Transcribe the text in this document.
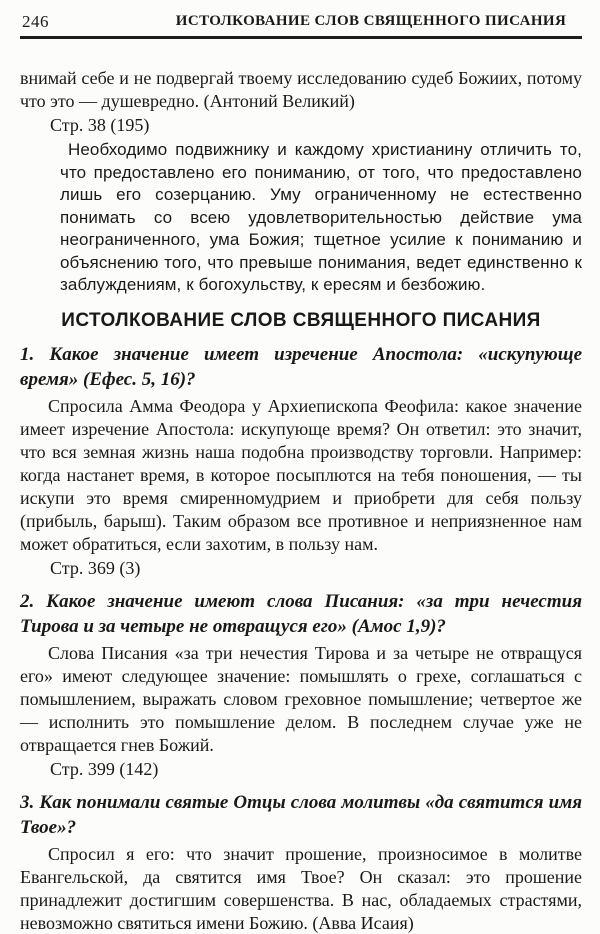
246	ИСТОЛКОВАНИЕ СЛОВ СВЯЩЕННОГО ПИСАНИЯ

внимай себе и не подвергай твоему исследованию судеб Божиих, потому что это — душевредно. (Антоний Великий)

Стр. 38 (195)

Необходимо подвижнику и каждому христианину отличить то, что предоставлено его пониманию, от того, что предоставлено лишь его созерцанию. Уму ограниченному не естественно понимать со всею удовлетворительностью действие ума неограниченного, ума Божия; тщетное усилие к пониманию и объяснению того, что превыше понимания, ведет единственно к заблуждениям, к богохульству, к ересям и безбожию.

ИСТОЛКОВАНИЕ СЛОВ СВЯЩЕННОГО ПИСАНИЯ

1. Какое значение имеет изречение Апостола: «искупующе время» (Ефес. 5, 16)?

Спросила Амма Феодора у Архиепископа Феофила: какое значение имеет изречение Апостола: искупующе время? Он ответил: это значит, что вся земная жизнь наша подобна производству торговли. Например: когда настанет время, в которое посыплются на тебя поношения, — ты искупи это время смиренномудрием и приобрети для себя пользу (прибыль, барыш). Таким образом все противное и неприязненное нам может обратиться, если захотим, в пользу нам.

Стр. 369 (3)

2. Какое значение имеют слова Писания: «за три нечестия Тирова и за четыре не отвращуся его» (Амос 1,9)?

Слова Писания «за три нечестия Тирова и за четыре не отвращуся его» имеют следующее значение: помышлять о грехе, соглашаться с помышлением, выражать словом греховное помышление; четвертое же — исполнить это помышление делом. В последнем случае уже не отвращается гнев Божий.

Стр. 399 (142)

3. Как понимали святые Отцы слова молитвы «да святится имя Твое»?

Спросил я его: что значит прошение, произносимое в молитве Евангельской, да святится имя Твое? Он сказал: это прошение принадлежит достигшим совершенства. В нас, обладаемых страстями, невозможно святиться имени Божию. (Авва Исаия)
